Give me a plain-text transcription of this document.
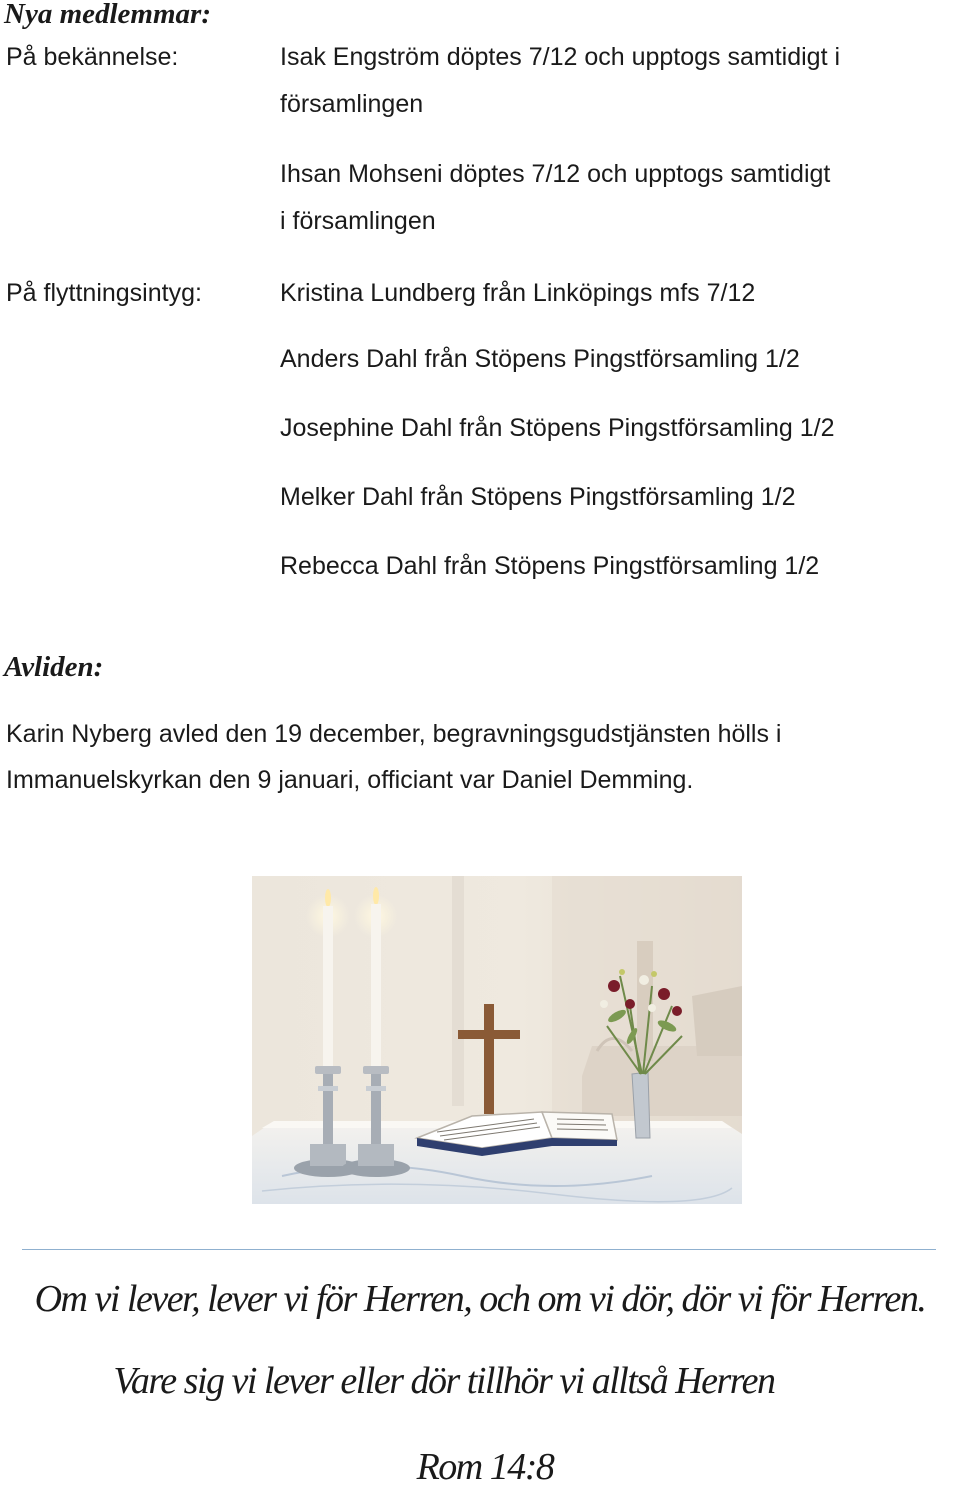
Nya medlemmar:
På bekännelse:	Isak Engström döptes 7/12 och upptogs samtidigt i församlingen
Ihsan Mohseni döptes 7/12 och upptogs samtidigt i församlingen
På flyttningsintyg:	Kristina Lundberg från Linköpings mfs 7/12
Anders Dahl från Stöpens Pingstförsamling 1/2
Josephine Dahl från Stöpens Pingstförsamling 1/2
Melker Dahl från Stöpens Pingstförsamling 1/2
Rebecca Dahl från Stöpens Pingstförsamling 1/2
Avliden:
Karin Nyberg avled den 19 december, begravningsgudstjänsten hölls i Immanuelskyrkan den 9 januari, officiant var Daniel Demming.
Om vi lever, lever vi för Herren, och om vi dör, dör vi för Herren.
Vare sig vi lever eller dör tillhör vi alltså Herren
Rom 14:8
